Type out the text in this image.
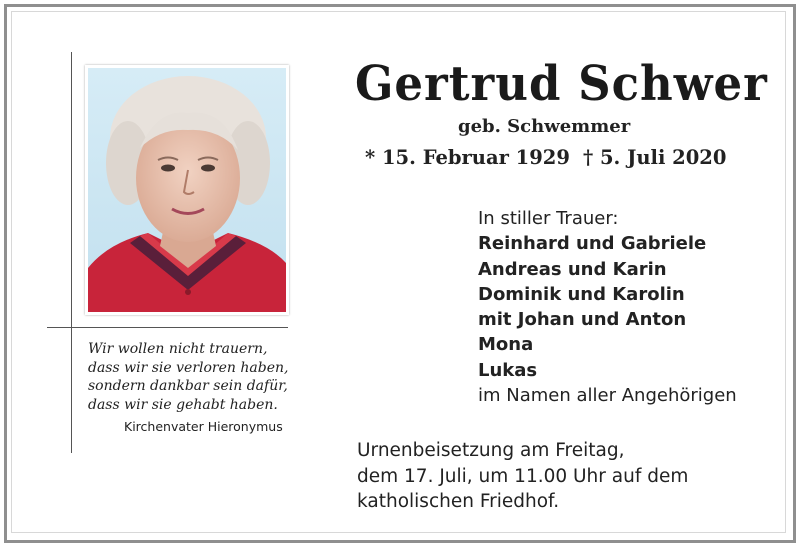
Wir wollen nicht trauern,
dass wir sie verloren haben,
sondern dankbar sein dafür,
dass wir sie gehabt haben.
Kirchenvater Hieronymus
Gertrud Schwer
geb. Schwemmer
* 15. Februar 1929 † 5. Juli 2020
In stiller Trauer:
Reinhard und Gabriele
Andreas und Karin
Dominik und Karolin
mit Johan und Anton
Mona
Lukas
im Namen aller Angehörigen
Urnenbeisetzung am Freitag,
dem 17. Juli, um 11.00 Uhr auf dem
katholischen Friedhof.
